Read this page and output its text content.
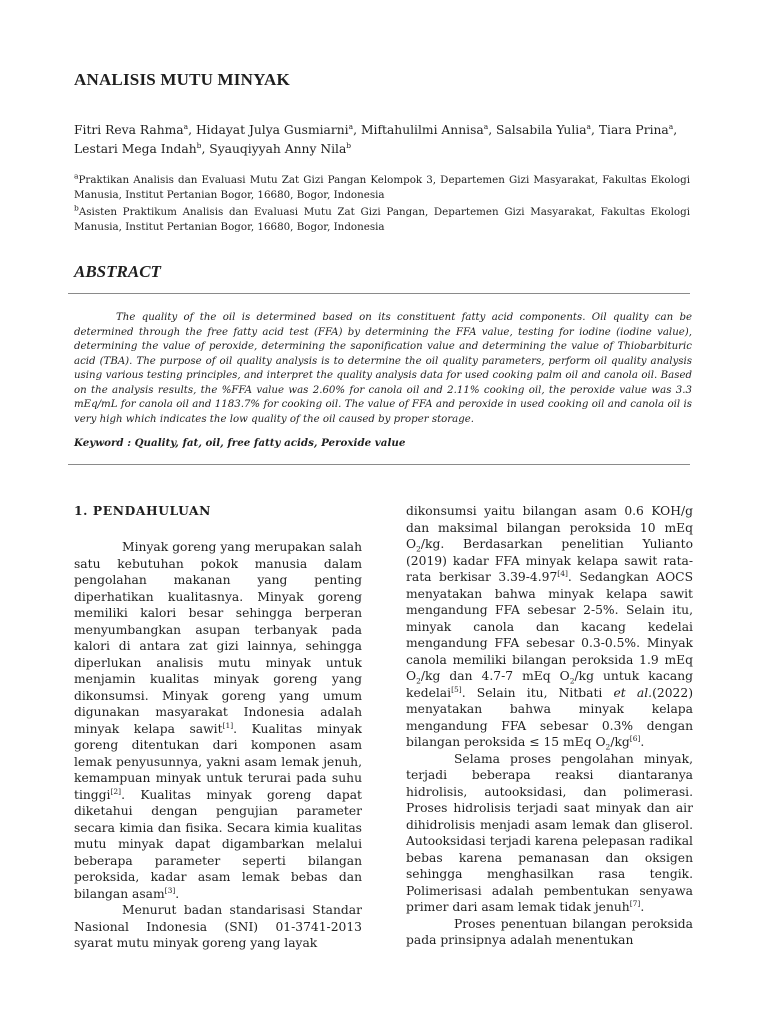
ANALISIS MUTU MINYAK
Fitri Reva Rahma$^a$, Hidayat Julya Gusmiarni$^a$, Miftahulilmi Annisa$^a$, Salsabila Yulia$^a$, Tiara Prina$^a$, Lestari Mega Indah$^b$, Syauqiyyah Anny Nila$^b$

$^a$Praktikan Analisis dan Evaluasi Mutu Zat Gizi Pangan Kelompok 3, Departemen Gizi Masyarakat, Fakultas Ekologi Manusia, Institut Pertanian Bogor, 16680, Bogor, Indonesia

$^b$Asisten Praktikum Analisis dan Evaluasi Mutu Zat Gizi Pangan, Departemen Gizi Masyarakat, Fakultas Ekologi Manusia, Institut Pertanian Bogor, 16680, Bogor, Indonesia

ABSTRACT

The quality of the oil is determined based on its constituent fatty acid components. Oil quality can be determined through the free fatty acid test (FFA) by determining the FFA value, testing for iodine (iodine value), determining the value of peroxide, determining the saponification value and determining the value of Thiobarbituric acid (TBA). The purpose of oil quality analysis is to determine the oil quality parameters, perform oil quality analysis using various testing principles, and interpret the quality analysis data for used cooking palm oil and canola oil. Based on the analysis results, the %FFA value was 2.60% for canola oil and 2.11% cooking oil, the peroxide value was 3.3 mEq/mL for canola oil and 1183.7% for cooking oil. The value of FFA and peroxide in used cooking oil and canola oil is very high which indicates the low quality of the oil caused by proper storage.

Keyword : Quality, fat, oil, free fatty acids, Peroxide value
1. PENDAHULUAN

Minyak goreng yang merupakan salah satu kebutuhan pokok manusia dalam pengolahan makanan yang penting diperhatikan kualitasnya. Minyak goreng memiliki kalori besar sehingga berperan menyumbangkan asupan terbanyak pada kalori di antara zat gizi lainnya, sehingga diperlukan analisis mutu minyak untuk menjamin kualitas minyak goreng yang dikonsumsi. Minyak goreng yang umum digunakan masyarakat Indonesia adalah minyak kelapa sawit[1]. Kualitas minyak goreng ditentukan dari komponen asam lemak penyusunnya, yakni asam lemak jenuh, kemampuan minyak untuk terurai pada suhu tinggi[2]. Kualitas minyak goreng dapat diketahui dengan pengujian parameter secara kimia dan fisika. Secara kimia kualitas mutu minyak dapat digambarkan melalui beberapa parameter seperti bilangan peroksida, kadar asam lemak bebas dan bilangan asam[3].

Menurut badan standarisasi Standar Nasional Indonesia (SNI) 01-3741-2013 syarat mutu minyak goreng yang layak

dikonsumsi yaitu bilangan asam 0.6 KOH/g dan maksimal bilangan peroksida 10 mEq $O_2/kg$. Berdasarkan penelitian Yulianto (2019) kadar FFA minyak kelapa sawit rata-rata berkisar 3.39-4.97[4]. Sedangkan AOCS menyatakan bahwa minyak kelapa sawit mengandung FFA sebesar 2-5%. Selain itu, minyak canola dan kacang kedelai mengandung FFA sebesar 0.3-0.5%. Minyak canola memiliki bilangan peroksida 1.9 mEq $O_2/kg$ dan 4.7-7 mEq $O_2/kg$ untuk kacang kedelai[5]. Selain itu, Nitbati et al.(2022) menyatakan bahwa minyak kelapa mengandung FFA sebesar 0.3% dengan bilangan peroksida ≤ 15 mEq $O_2/kg[6]$.

Selama proses pengolahan minyak, terjadi beberapa reaksi diantaranya hidrolisis, autooksidasi, dan polimerasi. Proses hidrolisis terjadi saat minyak dan air dihidrolisis menjadi asam lemak dan gliserol. Autooksidasi terjadi karena pelepasan radikal bebas karena pemanasan dan oksigen sehingga menghasilkan rasa tengik. Polimerisasi adalah pembentukan senyawa primer dari asam lemak tidak jenuh[7].

Proses penentuan bilangan peroksida pada prinsipnya adalah menentukan
